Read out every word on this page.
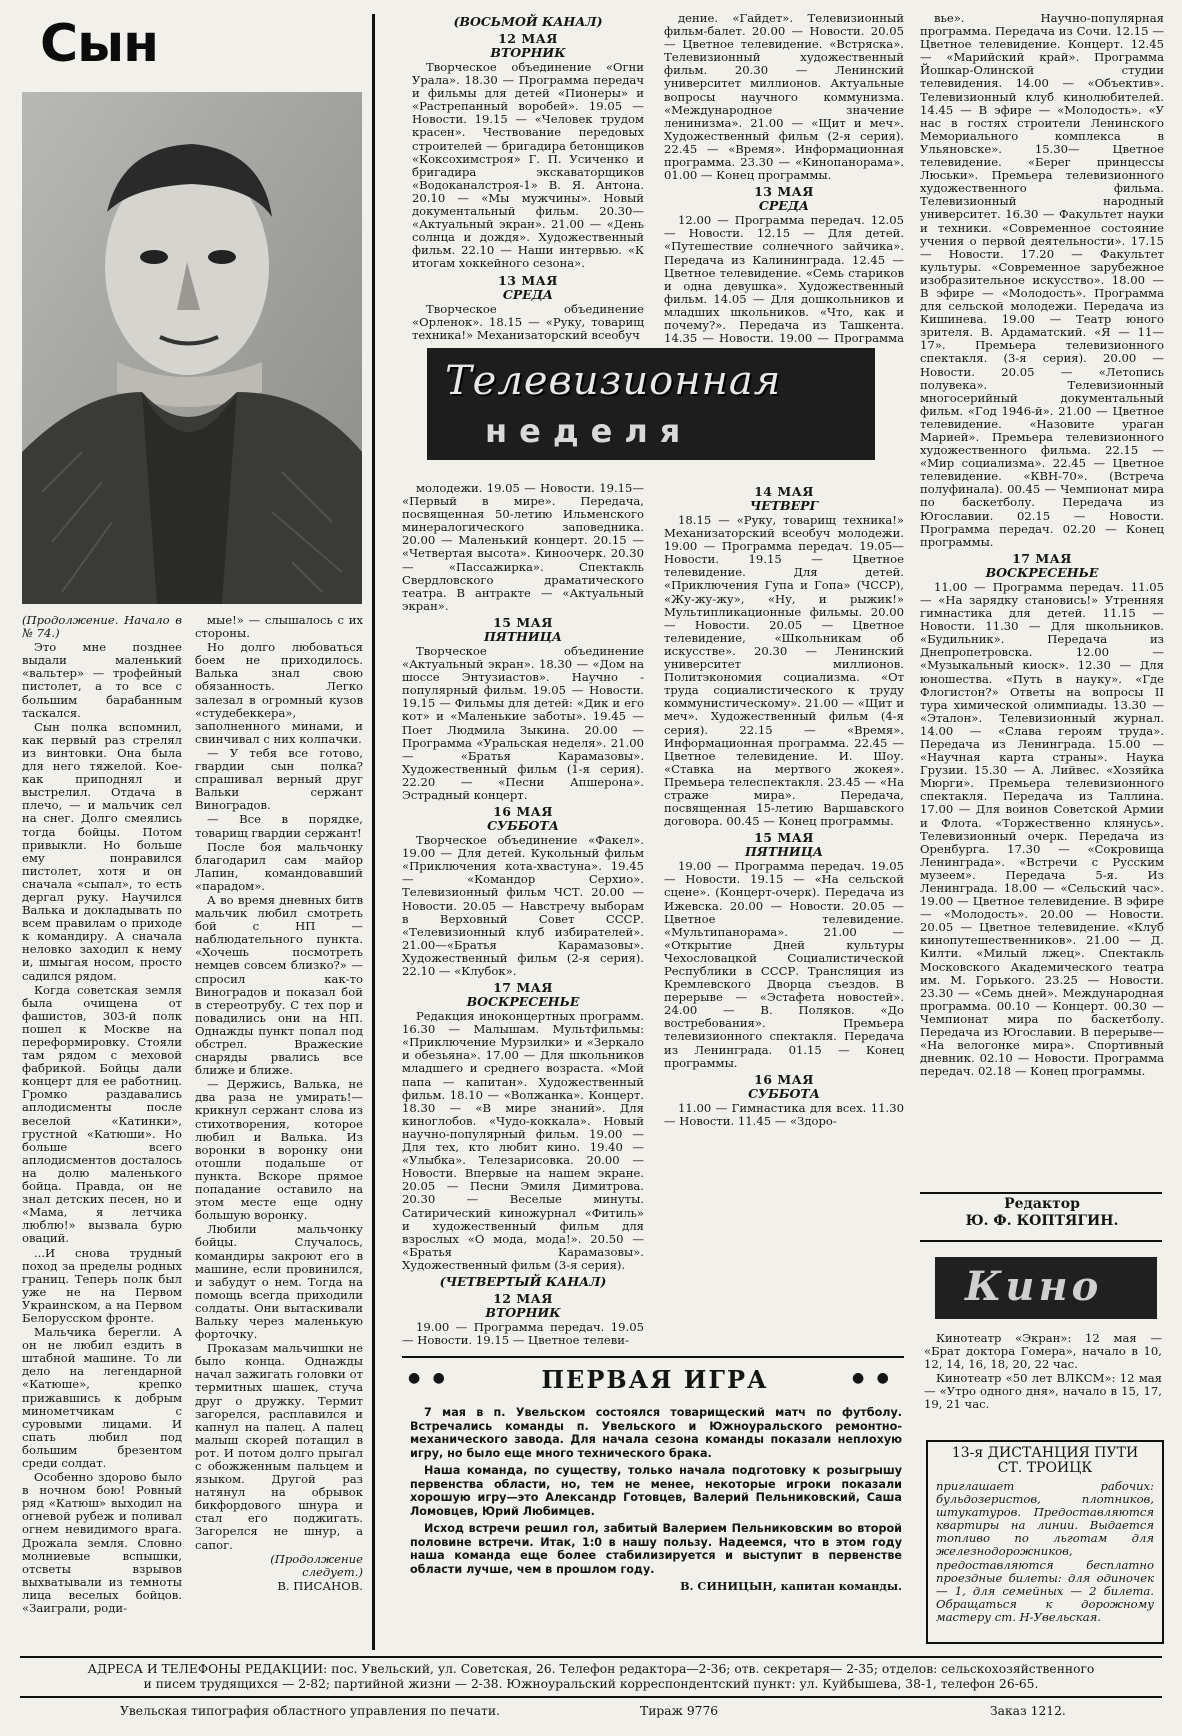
Сын

(Продолжение. Начало в № 74.)

Это мне позднее выдали маленький «вальтер» — трофейный пистолет, а то все с большим барабанным таскался.

Сын полка вспомнил, как первый раз стрелял из винтовки. Она была для него тяжелой. Кое-как приподнял и выстрелил. Отдача в плечо, — и мальчик сел на снег. Долго смеялись тогда бойцы. Потом привыкли. Но больше ему понравился пистолет, хотя и он сначала «сыпал», то есть дергал руку. Научился Валька и докладывать по всем правилам о приходе к командиру. А сначала неловко заходил к нему и, шмыгая носом, просто садился рядом.

Когда советская земля была очищена от фашистов, 303-й полк пошел к Москве на переформировку. Стояли там рядом с меховой фабрикой. Бойцы дали концерт для ее работниц. Громко раздавались аплодисменты после веселой «Катинки», грустной «Катюши». Но больше всего аплодисментов досталось на долю маленького бойца. Правда, он не знал детских песен, но и «Мама, я летчика люблю!» вызвала бурю оваций.

...И снова трудный поход за пределы родных границ. Теперь полк был уже не на Первом Украинском, а на Первом Белорусском фронте.

Мальчика берегли. А он не любил ездить в штабной машине. То ли дело на легендарной «Катюше», крепко прижавшись к добрым минометчикам с суровыми лицами. И спать любил под большим брезентом среди солдат.

Особенно здорово было в ночном бою! Ровный ряд «Катюш» выходил на огневой рубеж и поливал огнем невидимого врага. Дрожала земля. Словно молниевые вспышки, отсветы взрывов выхватывали из темноты лица веселых бойцов. «Заиграли, роди-

мые!» — слышалось с их стороны.

Но долго любоваться боем не приходилось. Валька знал свою обязанность. Легко залезал в огромный кузов «студебеккера», заполненного минами, и свинчивал с них колпачки.

— У тебя все готово, гвардии сын полка? спрашивал верный друг Вальки сержант Виноградов.

— Все в порядке, товарищ гвардии сержант!

После боя мальчонку благодарил сам майор Лапин, командовавший «парадом».

А во время дневных битв мальчик любил смотреть бой с НП — наблюдательного пункта. «Хочешь посмотреть немцев совсем близко?» — спросил как-то Виноградов и показал бой в стереотрубу. С тех пор и повадились они на НП. Однажды пункт попал под обстрел. Вражеские снаряды рвались все ближе и ближе.

— Держись, Валька, не два раза не умирать!— крикнул сержант слова из стихотворения, которое любил и Валька. Из воронки в воронку они отошли подальше от пункта. Вскоре прямое попадание оставило на этом месте еще одну большую воронку.

Любили мальчонку бойцы. Случалось, командиры закроют его в машине, если провинился, и забудут о нем. Тогда на помощь всегда приходили солдаты. Они вытаскивали Вальку через маленькую форточку.

Проказам мальчишки не было конца. Однажды начал зажигать головки от термитных шашек, стуча друг о дружку. Термит загорелся, расплавился и капнул на палец. А палец малыш скорей потащил в рот. И потом долго прыгал с обожженным пальцем и языком. Другой раз натянул на обрывок бикфордового шнура и стал его поджигать. Загорелся не шнур, а сапог.

(Продолжение следует.)

В. ПИСАНОВ.

(ВОСЬМОЙ КАНАЛ)
12 МАЯ
ВТОРНИК

Творческое объединение «Огни Урала». 18.30 — Программа передач и фильмы для детей «Пионеры» и «Растрепанный воробей». 19.05 — Новости. 19.15 — «Человек трудом красен». Чествование передовых строителей — бригадира бетонщиков «Коксохимстроя» Г. П. Усиченко и бригадира экскаваторщиков «Водоканалстроя-1» В. Я. Антона. 20.10 — «Мы мужчины». Новый документальный фильм. 20.30— «Актуальный экран». 21.00 — «День солнца и дождя». Художественный фильм. 22.10 — Наши интервью. «К итогам хоккейного сезона».

13 МАЯ
СРЕДА

Творческое объединение «Орленок». 18.15 — «Руку, товарищ техника!» Механизаторский всеобуч

Телевизионная
неделя

молодежи. 19.05 — Новости. 19.15— «Первый в мире». Передача, посвященная 50-летию Ильменского минералогического заповедника. 20.00 — Маленький концерт. 20.15 — «Четвертая высота». Киноочерк. 20.30 — «Пассажирка». Спектакль Свердловского драматического театра. В антракте — «Актуальный экран».

15 МАЯ
ПЯТНИЦА

Творческое объединение «Актуальный экран». 18.30 — «Дом на шоссе Энтузиастов». Научно - популярный фильм. 19.05 — Новости. 19.15 — Фильмы для детей: «Дик и его кот» и «Маленькие заботы». 19.45 — Поет Людмила Зыкина. 20.00 — Программа «Уральская неделя». 21.00 — «Братья Карамазовы». Художественный фильм (1-я серия). 22.20 — «Песни Апшерона». Эстрадный концерт.

16 МАЯ
СУББОТА

Творческое объединение «Факел». 19.00 — Для детей. Кукольный фильм «Приключения кота-хвастунa». 19.45 — «Командор Серхио». Телевизионный фильм ЧСТ. 20.00 — Новости. 20.05 — Навстречу выборам в Верховный Совет СССР. «Телевизионный клуб избирателей». 21.00—«Братья Карамазовы». Художественный фильм (2-я серия). 22.10 — «Клубок».

17 МАЯ
ВОСКРЕСЕНЬЕ

Редакция иноконцертных программ. 16.30 — Малышам. Мультфильмы: «Приключение Мурзилки» и «Зеркало и обезьяна». 17.00 — Для школьников младшего и среднего возраста. «Мой папа — капитан». Художественный фильм. 18.10 — «Волжанка». Концерт. 18.30 — «В мире знаний». Для киноглобов. «Чудо-коккала». Новый научно-популярный фильм. 19.00 — Для тех, кто любит кино. 19.40 — «Улыбка». Телезарисовка. 20.00 — Новости. Впервые на нашем экране. 20.05 — Песни Эмиля Димитрова. 20.30 — Веселые минуты. Сатирический киножурнал «Фитиль» и художественный фильм для взрослых «О мода, мода!». 20.50 — «Братья Карамазовы». Художественный фильм (3-я серия).

(ЧЕТВЕРТЫЙ КАНАЛ)
12 МАЯ
ВТОРНИК

19.00 — Программа передач. 19.05 — Новости. 19.15 — Цветное телеви-

дение. «Гайдет». Телевизионный фильм-балет. 20.00 — Новости. 20.05 — Цветное телевидение. «Встряска». Телевизионный художественный фильм. 20.30 — Ленинский университет миллионов. Актуальные вопросы научного коммунизма. «Международное значение ленинизма». 21.00 — «Щит и меч». Художественный фильм (2-я серия). 22.45 — «Время». Информационная программа. 23.30 — «Кинопанорама». 01.00 — Конец программы.

13 МАЯ
СРЕДА

12.00 — Программа передач. 12.05 — Новости. 12.15 — Для детей. «Путешествие солнечного зайчика». Передача из Калининграда. 12.45 — Цветное телевидение. «Семь стариков и одна девушка». Художественный фильм. 14.05 — Для дошкольников и младших школьников. «Что, как и почему?». Передача из Ташкента. 14.35 — Новости. 19.00 — Программа

14 МАЯ
ЧЕТВЕРГ

18.15 — «Руку, товарищ техника!» Механизаторский всеобуч молодежи. 19.00 — Программа передач. 19.05— Новости. 19.15 — Цветное телевидение. Для детей. «Приключения Гупа и Гопа» (ЧССР), «Жу-жу-жу», «Ну, и рыжик!» Мультипликационные фильмы. 20.00 — Новости. 20.05 — Цветное телевидение, «Школьникам об искусстве». 20.30 — Ленинский университет миллионов. Политэкономия социализма. «От труда социалистического к труду коммунистическому». 21.00 — «Щит и меч». Художественный фильм (4-я серия). 22.15 — «Время». Информационная программа. 22.45 — Цветное телевидение. И. Шоу. «Ставка на мертвого жокея». Премьера телеспектакля. 23.45 — «На страже мира». Передача, посвященная 15-летию Варшавского договора. 00.45 — Конец программы.

15 МАЯ
ПЯТНИЦА

19.00 — Программа передач. 19.05 — Новости. 19.15 — «На сельской сцене». (Концерт-очерк). Передача из Ижевска. 20.00 — Новости. 20.05 — Цветное телевидение. «Мультипанорама». 21.00 — «Открытие Дней культуры Чехословацкой Социалистической Республики в СССР. Трансляция из Кремлевского Дворца съездов. В перерыве — «Эстафета новостей». 24.00 — В. Поляков. «До востребования». Премьера телевизионного спектакля. Передача из Ленинграда. 01.15 — Конец программы.

16 МАЯ
СУББОТА

11.00 — Гимнастика для всех. 11.30 — Новости. 11.45 — «Здоро-

вье». Научно-популярная программа. Передача из Сочи. 12.15 — Цветное телевидение. Концерт. 12.45 — «Марийский край». Программа Йошкар-Олинской студии телевидения. 14.00 — «Объектив». Телевизионный клуб кинолюбителей. 14.45 — В эфире — «Молодость». «У нас в гостях строители Ленинского Мемориального комплекса в Ульяновске». 15.30— Цветное телевидение. «Берег принцессы Люськи». Премьера телевизионного художественного фильма. Телевизионный народный университет. 16.30 — Факультет науки и техники. «Современное состояние учения о первой деятельности». 17.15— Новости. 17.20 — Факультет культуры. «Современное зарубежное изобразительное искусство». 18.00 — В эфире — «Молодость». Программа для сельской молодежи. Передача из Кишинева. 19.00 — Театр юного зрителя. В. Ардаматский. «Я — 11—17». Премьера телевизионного спектакля. (3-я серия). 20.00 — Новости. 20.05 — «Летопись полувека». Телевизионный многосерийный документальный фильм. «Год 1946-й». 21.00 — Цветное телевидение. «Назовите ураган Марией». Премьера телевизионного художественного фильма. 22.15 — «Мир социализма». 22.45 — Цветное телевидение. «КВН-70». (Встреча полуфинала). 00.45 — Чемпионат мира по баскетболу. Передача из Югославии. 02.15 — Новости. Программа передач. 02.20 — Конец программы.

17 МАЯ
ВОСКРЕСЕНЬЕ

11.00 — Программа передач. 11.05 — «На зарядку становись!» Утренняя гимнастика для детей. 11.15 — Новости. 11.30 — Для школьников. «Будильник». Передача из Днепропетровска. 12.00 — «Музыкальный киоск». 12.30 — Для юношества. «Путь в науку». «Где Флогистон?» Ответы на вопросы II тура химической олимпиады. 13.30 — «Эталон». Телевизионный журнал. 14.00 — «Слава героям труда». Передача из Ленинграда. 15.00 — «Научная карта страны». Наука Грузии. 15.30 — А. Лийвес. «Хозяйка Мюрги». Премьера телевизионного спектакля. Передача из Таллина. 17.00 — Для воинов Советской Армии и Флота. «Торжественно клянусь». Телевизионный очерк. Передача из Оренбурга. 17.30 — «Сокровища Ленинграда». «Встречи с Русским музеем». Передача 5-я. Из Ленинграда. 18.00 — «Сельский час». 19.00 — Цветное телевидение. В эфире — «Молодость». 20.00 — Новости. 20.05 — Цветное телевидение. «Клуб кинопутешественников». 21.00 — Д. Килти. «Милый лжец». Спектакль Московского Академического театра им. М. Горького. 23.25 — Новости. 23.30 — «Семь дней». Международная программа. 00.10 — Концерт. 00.30 — Чемпионат мира по баскетболу. Передача из Югославии. В перерыве— «На велогонке мира». Спортивный дневник. 02.10 — Новости. Программа передач. 02.18 — Конец программы.

Редактор
Ю. Ф. КОПТЯГИН.
Кино

Кинотеатр «Экран»: 12 мая — «Брат доктора Гомера», начало в 10, 12, 14, 16, 18, 20, 22 час.

Кинотеатр «50 лет ВЛКСМ»: 12 мая — «Утро одного дня», начало в 15, 17, 19, 21 час.

13-я ДИСТАНЦИЯ ПУТИ
СТ. ТРОИЦК
приглашает рабочих: бульдозеристов, плотников, штукатуров. Предоставляются квартиры на линии. Выдается топливо по льготам для железнодорожников, предоставляются бесплатно проездные билеты: для одиночек — 1, для семейных — 2 билета. Обращаться к дорожному мастеру ст. Н-Увельская.
● ●	● ●
ПЕРВАЯ ИГРА

7 мая в п. Увельском состоялся товарищеский матч по футболу. Встречались команды п. Увельского и Южноуральского ремонтно-механического завода. Для начала сезона команды показали неплохую игру, но было еще много технического брака.

Наша команда, по существу, только начала подготовку к розыгрышу первенства области, но, тем не менее, некоторые игроки показали хорошую игру—это Александр Готовцев, Валерий Пельниковский, Саша Ломовцев, Юрий Любимцев.

Исход встречи решил гол, забитый Валерием Пельниковским во второй половине встречи. Итак, 1:0 в нашу пользу. Надеемся, что в этом году наша команда еще более стабилизируется и выступит в первенстве области лучше, чем в прошлом году.

В. СИНИЦЫН, капитан команды.

АДРЕСА И ТЕЛЕФОНЫ РЕДАКЦИИ: пос. Увельский, ул. Советская, 26. Телефон редактора—2-36; отв. секретаря— 2-35; отделов: сельскохозяйственного
и писем трудящихся — 2-82; партийной жизни — 2-38. Южноуральский корреспондентский пункт: ул. Куйбышева, 38-1, телефон 26-65.
Увельская типография областного управления по печати.	Тираж 9776	Заказ 1212.
